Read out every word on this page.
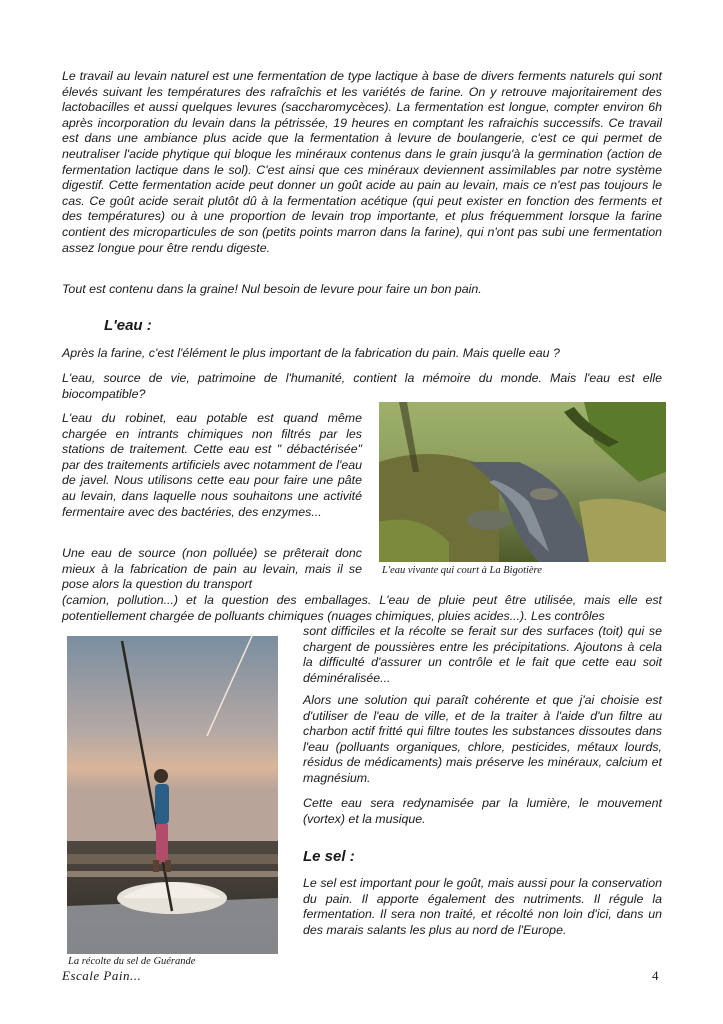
Le travail au levain naturel est une fermentation de type lactique à base de divers ferments naturels qui sont élevés suivant les températures des rafraîchis et les variétés de farine. On y retrouve majoritairement des lactobacilles et aussi quelques levures (saccharomycèces). La fermentation est longue, compter environ 6h après incorporation du levain dans la pétrissée, 19 heures en comptant les rafraichis successifs. Ce travail est dans une ambiance plus acide que la fermentation à levure de boulangerie, c'est ce qui permet de neutraliser l'acide phytique qui bloque les minéraux contenus dans le grain jusqu'à la germination (action de fermentation lactique dans le sol). C'est ainsi que ces minéraux deviennent assimilables par notre système digestif. Cette fermentation acide peut donner un goût acide au pain au levain, mais ce n'est pas toujours le cas. Ce goût acide serait plutôt dû à la fermentation acétique (qui peut exister en fonction des ferments et des températures) ou à une proportion de levain trop importante, et plus fréquemment lorsque la farine contient des microparticules de son (petits points marron dans la farine), qui n'ont pas subi une fermentation assez longue pour être rendu digeste.

Tout est contenu dans la graine! Nul besoin de levure pour faire un bon pain.

L'eau :

Après la farine, c'est l'élément le plus important de la fabrication du pain. Mais quelle eau ?

L'eau, source de vie, patrimoine de l'humanité, contient la mémoire du monde. Mais l'eau est elle biocompatible?

L'eau du robinet, eau potable est quand même chargée en intrants chimiques non filtrés par les stations de traitement. Cette eau est " débactérisée" par des traitements artificiels avec notamment de l'eau de javel. Nous utilisons cette eau pour faire une pâte au levain, dans laquelle nous souhaitons une activité fermentaire avec des bactéries, des enzymes...

L'eau vivante qui court à La Bigotière

Une eau de source (non polluée) se prêterait donc mieux à la fabrication de pain au levain, mais il se pose alors la question du transport

(camion, pollution...) et la question des emballages. L'eau de pluie peut être utilisée, mais elle est potentiellement chargée de polluants chimiques (nuages chimiques, pluies acides...). Les contrôles

La récolte du sel de Guérande

sont difficiles et la récolte se ferait sur des surfaces (toit) qui se chargent de poussières entre les précipitations. Ajoutons à cela la difficulté d'assurer un contrôle et le fait que cette eau soit déminéralisée...

Alors une solution qui paraît cohérente et que j'ai choisie est d'utiliser de l'eau de ville, et de la traiter à l'aide d'un filtre au charbon actif fritté qui filtre toutes les substances dissoutes dans l'eau (polluants organiques, chlore, pesticides, métaux lourds, résidus de médicaments) mais préserve les minéraux, calcium et magnésium.

Cette eau sera redynamisée par la lumière, le mouvement (vortex) et la musique.

Le sel :

Le sel est important pour le goût, mais aussi pour la conservation du pain. Il apporte également des nutriments. Il régule la fermentation. Il sera non traité, et récolté non loin d'ici, dans un des marais salants les plus au nord de l'Europe.

Escale Pain...	4
